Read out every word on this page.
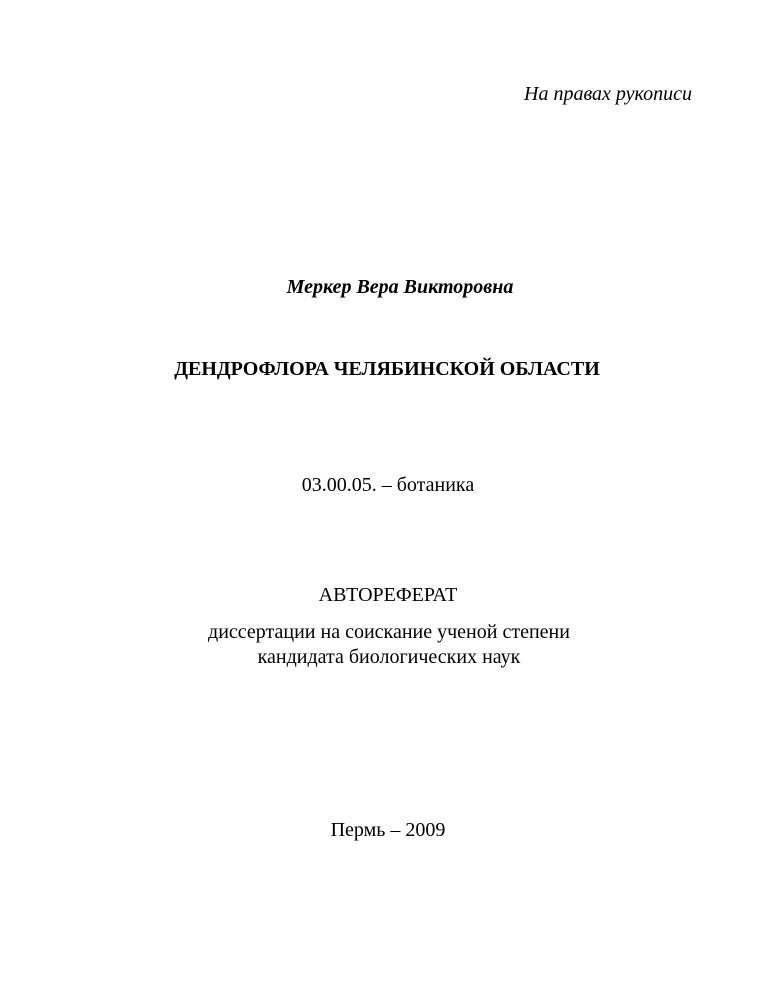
На правах рукописи
Меркер Вера Викторовна
ДЕНДРОФЛОРА ЧЕЛЯБИНСКОЙ ОБЛАСТИ
03.00.05. – ботаника
АВТОРЕФЕРАТ
диссертации на соискание ученой степени
кандидата биологических наук
Пермь – 2009
